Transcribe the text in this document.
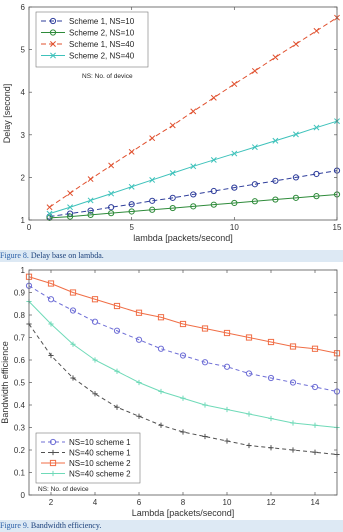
0	5	10	15
1
2
3
4
5
6
lambda [packets/second]
Delay [second]
Scheme 1, NS=10
Scheme 2, NS=10
Scheme 1, NS=40
Scheme 2, NS=40
NS: No. of device
Figure 8. Delay base on lambda.
2	4	6	8	10	12	14
0
0.1
0.2
0.3
0.4
0.5
0.6
0.7
0.8
0.9
1
Lambda [packets/second]
Bandwidth efficience
NS=10 scheme 1
NS=40 scheme 1
NS=10 scheme 2
NS=40 scheme 2
NS: No. of device
Figure 9. Bandwidth efficiency.
